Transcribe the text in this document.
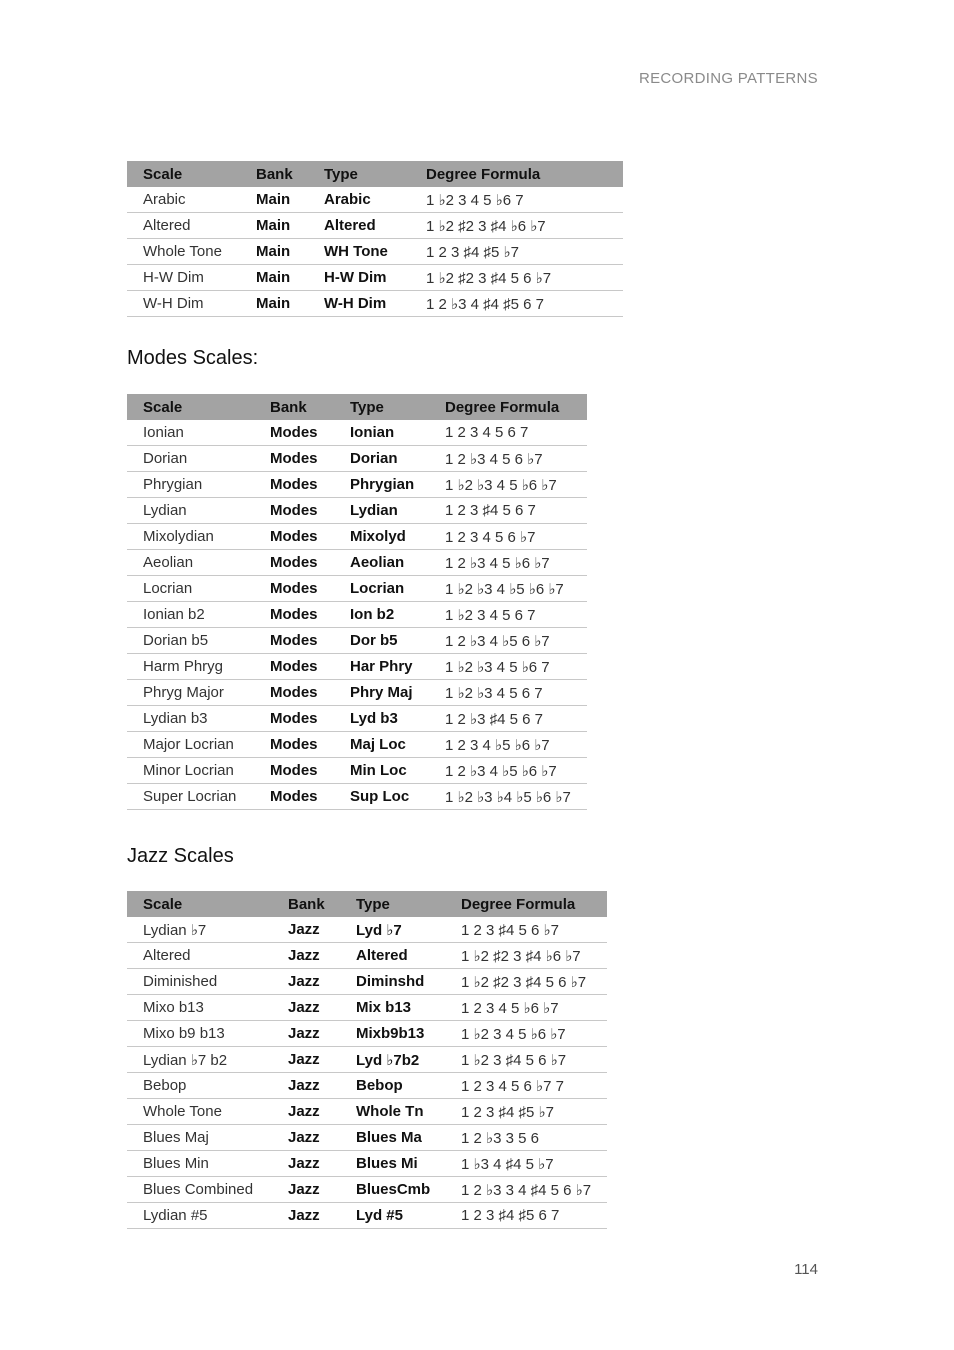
RECORDING PATTERNS
Scale	Bank	Type	Degree Formula
Arabic	Main	Arabic	1 ♭2 3 4 5 ♭6 7
Altered	Main	Altered	1 ♭2 ♯2 3 ♯4 ♭6 ♭7
Whole Tone	Main	WH Tone	1 2 3 ♯4 ♯5 ♭7
H-W Dim	Main	H-W Dim	1 ♭2 ♯2 3 ♯4 5 6 ♭7
W-H Dim	Main	W-H Dim	1 2 ♭3 4 ♯4 ♯5 6 7
Modes Scales:
Scale	Bank	Type	Degree Formula
Ionian	Modes	Ionian	1 2 3 4 5 6 7
Dorian	Modes	Dorian	1 2 ♭3 4 5 6 ♭7
Phrygian	Modes	Phrygian	1 ♭2 ♭3 4 5 ♭6 ♭7
Lydian	Modes	Lydian	1 2 3 ♯4 5 6 7
Mixolydian	Modes	Mixolyd	1 2 3 4 5 6 ♭7
Aeolian	Modes	Aeolian	1 2 ♭3 4 5 ♭6 ♭7
Locrian	Modes	Locrian	1 ♭2 ♭3 4 ♭5 ♭6 ♭7
Ionian b2	Modes	Ion b2	1 ♭2 3 4 5 6 7
Dorian b5	Modes	Dor b5	1 2 ♭3 4 ♭5 6 ♭7
Harm Phryg	Modes	Har Phry	1 ♭2 ♭3 4 5 ♭6 7
Phryg Major	Modes	Phry Maj	1 ♭2 ♭3 4 5 6 7
Lydian b3	Modes	Lyd b3	1 2 ♭3 ♯4 5 6 7
Major Locrian	Modes	Maj Loc	1 2 3 4 ♭5 ♭6 ♭7
Minor Locrian	Modes	Min Loc	1 2 ♭3 4 ♭5 ♭6 ♭7
Super Locrian	Modes	Sup Loc	1 ♭2 ♭3 ♭4 ♭5 ♭6 ♭7
Jazz Scales
Scale	Bank	Type	Degree Formula
Lydian ♭7	Jazz	Lyd ♭7	1 2 3 ♯4 5 6 ♭7
Altered	Jazz	Altered	1 ♭2 ♯2 3 ♯4 ♭6 ♭7
Diminished	Jazz	Diminshd	1 ♭2 ♯2 3 ♯4 5 6 ♭7
Mixo b13	Jazz	Mix b13	1 2 3 4 5 ♭6 ♭7
Mixo b9 b13	Jazz	Mixb9b13	1 ♭2 3 4 5 ♭6 ♭7
Lydian ♭7 b2	Jazz	Lyd ♭7b2	1 ♭2 3 ♯4 5 6 ♭7
Bebop	Jazz	Bebop	1 2 3 4 5 6 ♭7 7
Whole Tone	Jazz	Whole Tn	1 2 3 ♯4 ♯5 ♭7
Blues Maj	Jazz	Blues Ma	1 2 ♭3 3 5 6
Blues Min	Jazz	Blues Mi	1 ♭3 4 ♯4 5 ♭7
Blues Combined	Jazz	BluesCmb	1 2 ♭3 3 4 ♯4 5 6 ♭7
Lydian #5	Jazz	Lyd #5	1 2 3 ♯4 ♯5 6 7
114
